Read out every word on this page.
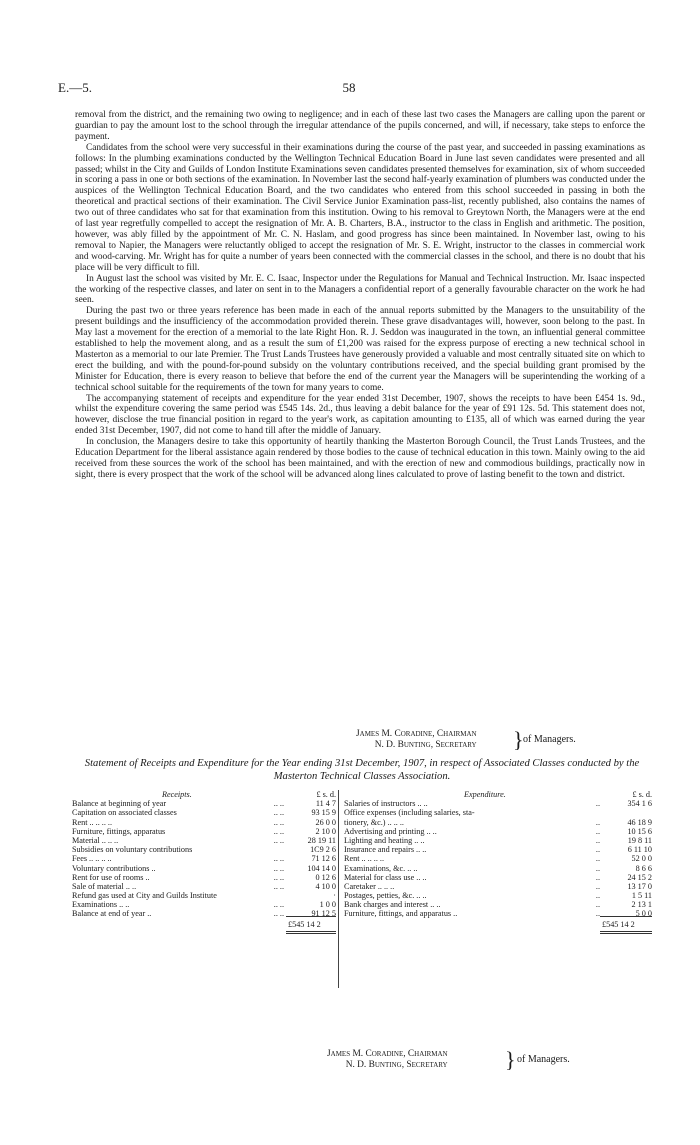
E.—5.	58

removal from the district, and the remaining two owing to negligence; and in each of these last two cases the Managers are calling upon the parent or guardian to pay the amount lost to the school through the irregular attendance of the pupils concerned, and will, if necessary, take steps to enforce the payment.

Candidates from the school were very successful in their examinations during the course of the past year, and succeeded in passing examinations as follows: In the plumbing examinations conducted by the Wellington Technical Education Board in June last seven candidates were presented and all passed; whilst in the City and Guilds of London Institute Examinations seven candidates presented themselves for examination, six of whom succeeded in scoring a pass in one or both sections of the examination. In November last the second half-yearly examination of plumbers was conducted under the auspices of the Wellington Technical Education Board, and the two candidates who entered from this school succeeded in passing in both the theoretical and practical sections of their examination. The Civil Service Junior Examination pass-list, recently published, also contains the names of two out of three candidates who sat for that examination from this institution. Owing to his removal to Greytown North, the Managers were at the end of last year regretfully compelled to accept the resignation of Mr. A. B. Charters, B.A., instructor to the class in English and arithmetic. The position, however, was ably filled by the appointment of Mr. C. N. Haslam, and good progress has since been maintained. In November last, owing to his removal to Napier, the Managers were reluctantly obliged to accept the resignation of Mr. S. E. Wright, instructor to the classes in commercial work and wood-carving. Mr. Wright has for quite a number of years been connected with the commercial classes in the school, and there is no doubt that his place will be very difficult to fill.

In August last the school was visited by Mr. E. C. Isaac, Inspector under the Regulations for Manual and Technical Instruction. Mr. Isaac inspected the working of the respective classes, and later on sent in to the Managers a confidential report of a generally favourable character on the work he had seen.

During the past two or three years reference has been made in each of the annual reports submitted by the Managers to the unsuitability of the present buildings and the insufficiency of the accommodation provided therein. These grave disadvantages will, however, soon belong to the past. In May last a movement for the erection of a memorial to the late Right Hon. R. J. Seddon was inaugurated in the town, an influential general committee established to help the movement along, and as a result the sum of £1,200 was raised for the express purpose of erecting a new technical school in Masterton as a memorial to our late Premier. The Trust Lands Trustees have generously provided a valuable and most centrally situated site on which to erect the building, and with the pound-for-pound subsidy on the voluntary contributions received, and the special building grant promised by the Minister for Education, there is every reason to believe that before the end of the current year the Managers will be superintending the working of a technical school suitable for the requirements of the town for many years to come.

The accompanying statement of receipts and expenditure for the year ended 31st December, 1907, shows the receipts to have been £454 1s. 9d., whilst the expenditure covering the same period was £545 14s. 2d., thus leaving a debit balance for the year of £91 12s. 5d. This statement does not, however, disclose the true financial position in regard to the year's work, as capitation amounting to £135, all of which was earned during the year ended 31st December, 1907, did not come to hand till after the middle of January.

In conclusion, the Managers desire to take this opportunity of heartily thanking the Masterton Borough Council, the Trust Lands Trustees, and the Education Department for the liberal assistance again rendered by those bodies to the cause of technical education in this town. Mainly owing to the aid received from these sources the work of the school has been maintained, and with the erection of new and commodious buildings, practically now in sight, there is every prospect that the work of the school will be advanced along lines calculated to prove of lasting benefit to the town and district.

James M. Coradine, Chairman
N. D. Bunting, Secretary } of Managers.
Statement of Receipts and Expenditure for the Year ending 31st December, 1907, in respect of Associated Classes conducted by the Masterton Technical Classes Association.
Receipts.	£ s. d.
Balance at beginning of year	.. ..	11 4 7
Capitation on associated classes	.. ..	93 15 9
Rent .. .. .. ..	.. ..	26 0 0
Furniture, fittings, apparatus	.. ..	2 10 0
Material .. .. ..	.. ..	28 19 11
Subsidies on voluntary contributions	1C9 2 6
Fees .. .. .. ..	.. ..	71 12 6
Voluntary contributions ..	.. ..	104 14 0
Rent for use of rooms ..	.. ..	0 12 6
Sale of material .. ..	.. ..	4 10 0
Refund gas used at City and Guilds Institute	·
Examinations .. ..	.. ..	1 0 0
Balance at end of year ..	.. ..	91 12 5
Expenditure.	£ s. d.
Salaries of instructors .. ..	..	354 1 6
Office expenses (including salaries, sta-
tionery, &c.) .. .. ..	..	46 18 9
Advertising and printing .. ..	..	10 15 6
Lighting and heating .. ..	..	19 8 11
Insurance and repairs .. ..	..	6 11 10
Rent .. .. .. ..	..	52 0 0
Examinations, &c. .. ..	..	8 6 6
Material for class use .. ..	..	24 15 2
Caretaker .. .. ..	..	13 17 0
Postages, petties, &c. .. ..	..	1 5 11
Bank charges and interest .. ..	..	2 13 1
Furniture, fittings, and apparatus ..	..	5 0 0
£545 14 2	£545 14 2
James M. Coradine, Chairman
N. D. Bunting, Secretary	} of Managers.
